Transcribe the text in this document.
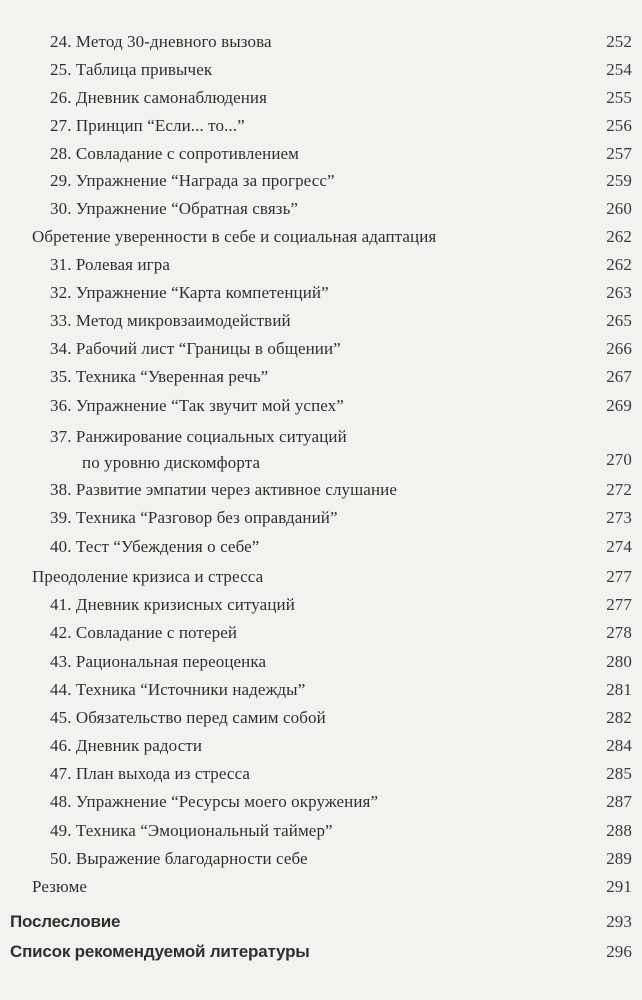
24. Метод 30-дневного вызова	252
25. Таблица привычек	254
26. Дневник самонаблюдения	255
27. Принцип “Если... то...”	256
28. Совладание с сопротивлением	257
29. Упражнение “Награда за прогресс”	259
30. Упражнение “Обратная связь”	260
Обретение уверенности в себе и социальная адаптация	262
31. Ролевая игра	262
32. Упражнение “Карта компетенций”	263
33. Метод микровзаимодействий	265
34. Рабочий лист “Границы в общении”	266
35. Техника “Уверенная речь”	267
36. Упражнение “Так звучит мой успех”	269
37. Ранжирование социальных ситуаций
по уровню дискомфорта	270
38. Развитие эмпатии через активное слушание	272
39. Техника “Разговор без оправданий”	273
40. Тест “Убеждения о себе”	274
Преодоление кризиса и стресса	277
41. Дневник кризисных ситуаций	277
42. Совладание с потерей	278
43. Рациональная переоценка	280
44. Техника “Источники надежды”	281
45. Обязательство перед самим собой	282
46. Дневник радости	284
47. План выхода из стресса	285
48. Упражнение “Ресурсы моего окружения”	287
49. Техника “Эмоциональный таймер”	288
50. Выражение благодарности себе	289
Резюме	291
Послесловие	293
Список рекомендуемой литературы	296
